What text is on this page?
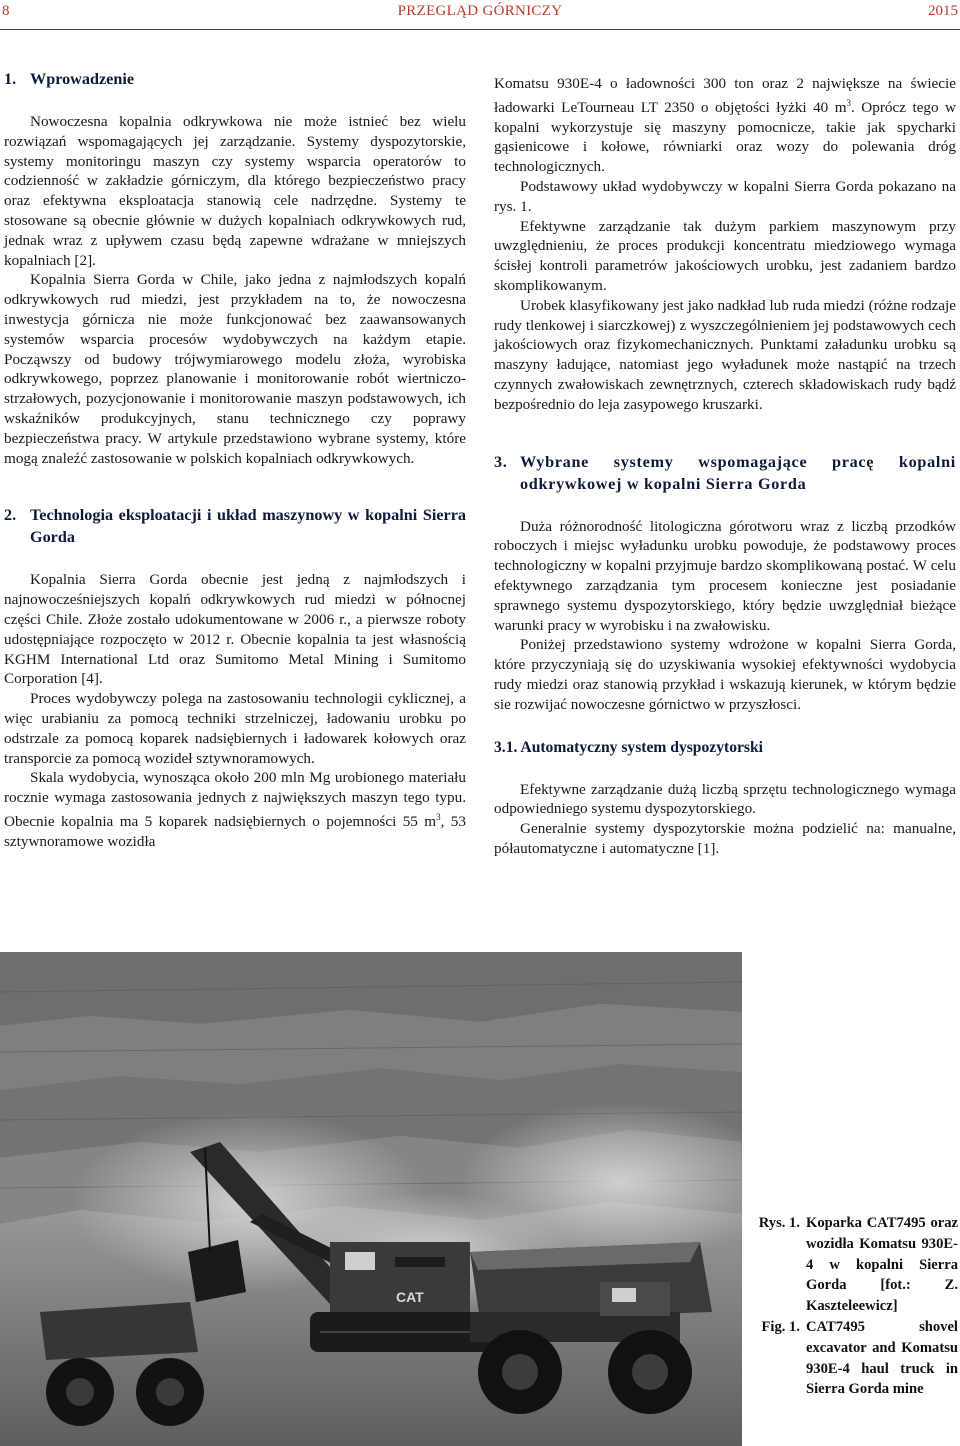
8	PRZEGLĄD GÓRNICZY	2015
1. Wprowadzenie

Nowoczesna kopalnia odkrywkowa nie może istnieć bez wielu rozwiązań wspomagających jej zarządzanie. Systemy dyspozytorskie, systemy monitoringu maszyn czy systemy wsparcia operatorów to codzienność w zakładzie górniczym, dla którego bezpieczeństwo pracy oraz efektywna eksploatacja stanowią cele nadrzędne. Systemy te stosowane są obecnie głównie w dużych kopalniach odkrywkowych rud, jednak wraz z upływem czasu będą zapewne wdrażane w mniejszych kopalniach [2].

Kopalnia Sierra Gorda w Chile, jako jedna z najmłodszych kopalń odkrywkowych rud miedzi, jest przykładem na to, że nowoczesna inwestycja górnicza nie może funkcjonować bez zaawansowanych systemów wsparcia procesów wydobywczych na każdym etapie. Począwszy od budowy trójwymiarowego modelu złoża, wyrobiska odkrywkowego, poprzez planowanie i monitorowanie robót wiertniczo-strzałowych, pozycjonowanie i monitorowanie maszyn podstawowych, ich wskaźników produkcyjnych, stanu technicznego czy poprawy bezpieczeństwa pracy. W artykule przedstawiono wybrane systemy, które mogą znaleźć zastosowanie w polskich kopalniach odkrywkowych.

2. Technologia eksploatacji i układ maszynowy w kopalni Sierra Gorda

Kopalnia Sierra Gorda obecnie jest jedną z najmłodszych i najnowocześniejszych kopalń odkrywkowych rud miedzi w północnej części Chile. Złoże zostało udokumentowane w 2006 r., a pierwsze roboty udostępniające rozpoczęto w 2012 r. Obecnie kopalnia ta jest własnością KGHM International Ltd oraz Sumitomo Metal Mining i Sumitomo Corporation [4].

Proces wydobywczy polega na zastosowaniu technologii cyklicznej, a więc urabianiu za pomocą techniki strzelniczej, ładowaniu urobku po odstrzale za pomocą koparek nadsiębiernych i ładowarek kołowych oraz transporcie za pomocą wozideł sztywnoramowych.

Skala wydobycia, wynosząca około 200 mln Mg urobionego materiału rocznie wymaga zastosowania jednych z największych maszyn tego typu. Obecnie kopalnia ma 5 koparek nadsiębiernych o pojemności 55 $m^3$, 53 sztywnoramowe wozidła

Komatsu 930E-4 o ładowności 300 ton oraz 2 największe na świecie ładowarki LeTourneau LT 2350 o objętości łyżki 40 $m^3$. Oprócz tego w kopalni wykorzystuje się maszyny pomocnicze, takie jak spycharki gąsienicowe i kołowe, równiarki oraz wozy do polewania dróg technologicznych.

Podstawowy układ wydobywczy w kopalni Sierra Gorda pokazano na rys. 1.

Efektywne zarządzanie tak dużym parkiem maszynowym przy uwzględnieniu, że proces produkcji koncentratu miedziowego wymaga ścisłej kontroli parametrów jakościowych urobku, jest zadaniem bardzo skomplikowanym.

Urobek klasyfikowany jest jako nadkład lub ruda miedzi (różne rodzaje rudy tlenkowej i siarczkowej) z wyszczególnieniem jej podstawowych cech jakościowych oraz fizykomechanicznych. Punktami załadunku urobku są maszyny ładujące, natomiast jego wyładunek może nastąpić na trzech czynnych zwałowiskach zewnętrznych, czterech składowiskach rudy bądź bezpośrednio do leja zasypowego kruszarki.

3. Wybrane systemy wspomagające pracę kopalni odkrywkowej w kopalni Sierra Gorda

Duża różnorodność litologiczna górotworu wraz z liczbą przodków roboczych i miejsc wyładunku urobku powoduje, że podstawowy proces technologiczny w kopalni przyjmuje bardzo skomplikowaną postać. W celu efektywnego zarządzania tym procesem konieczne jest posiadanie sprawnego systemu dyspozytorskiego, który będzie uwzględniał bieżące warunki pracy w wyrobisku i na zwałowisku.

Poniżej przedstawiono systemy wdrożone w kopalni Sierra Gorda, które przyczyniają się do uzyskiwania wysokiej efektywności wydobycia rudy miedzi oraz stanowią przykład i wskazują kierunek, w którym będzie sie rozwijać nowoczesne górnictwo w przyszłosci.

3.1. Automatyczny system dyspozytorski

Efektywne zarządzanie dużą liczbą sprzętu technologicznego wymaga odpowiedniego systemu dyspozytorskiego.

Generalnie systemy dyspozytorskie można podzielić na: manualne, półautomatyczne i automatyczne [1].

CAT
Rys. 1. Koparka CAT7495 oraz wozidła Komatsu 930E-4 w kopalni Sierra Gorda [fot.: Z. Kaszteleewicz]
Fig. 1. CAT7495 shovel excavator and Komatsu 930E-4 haul truck in Sierra Gorda mine
